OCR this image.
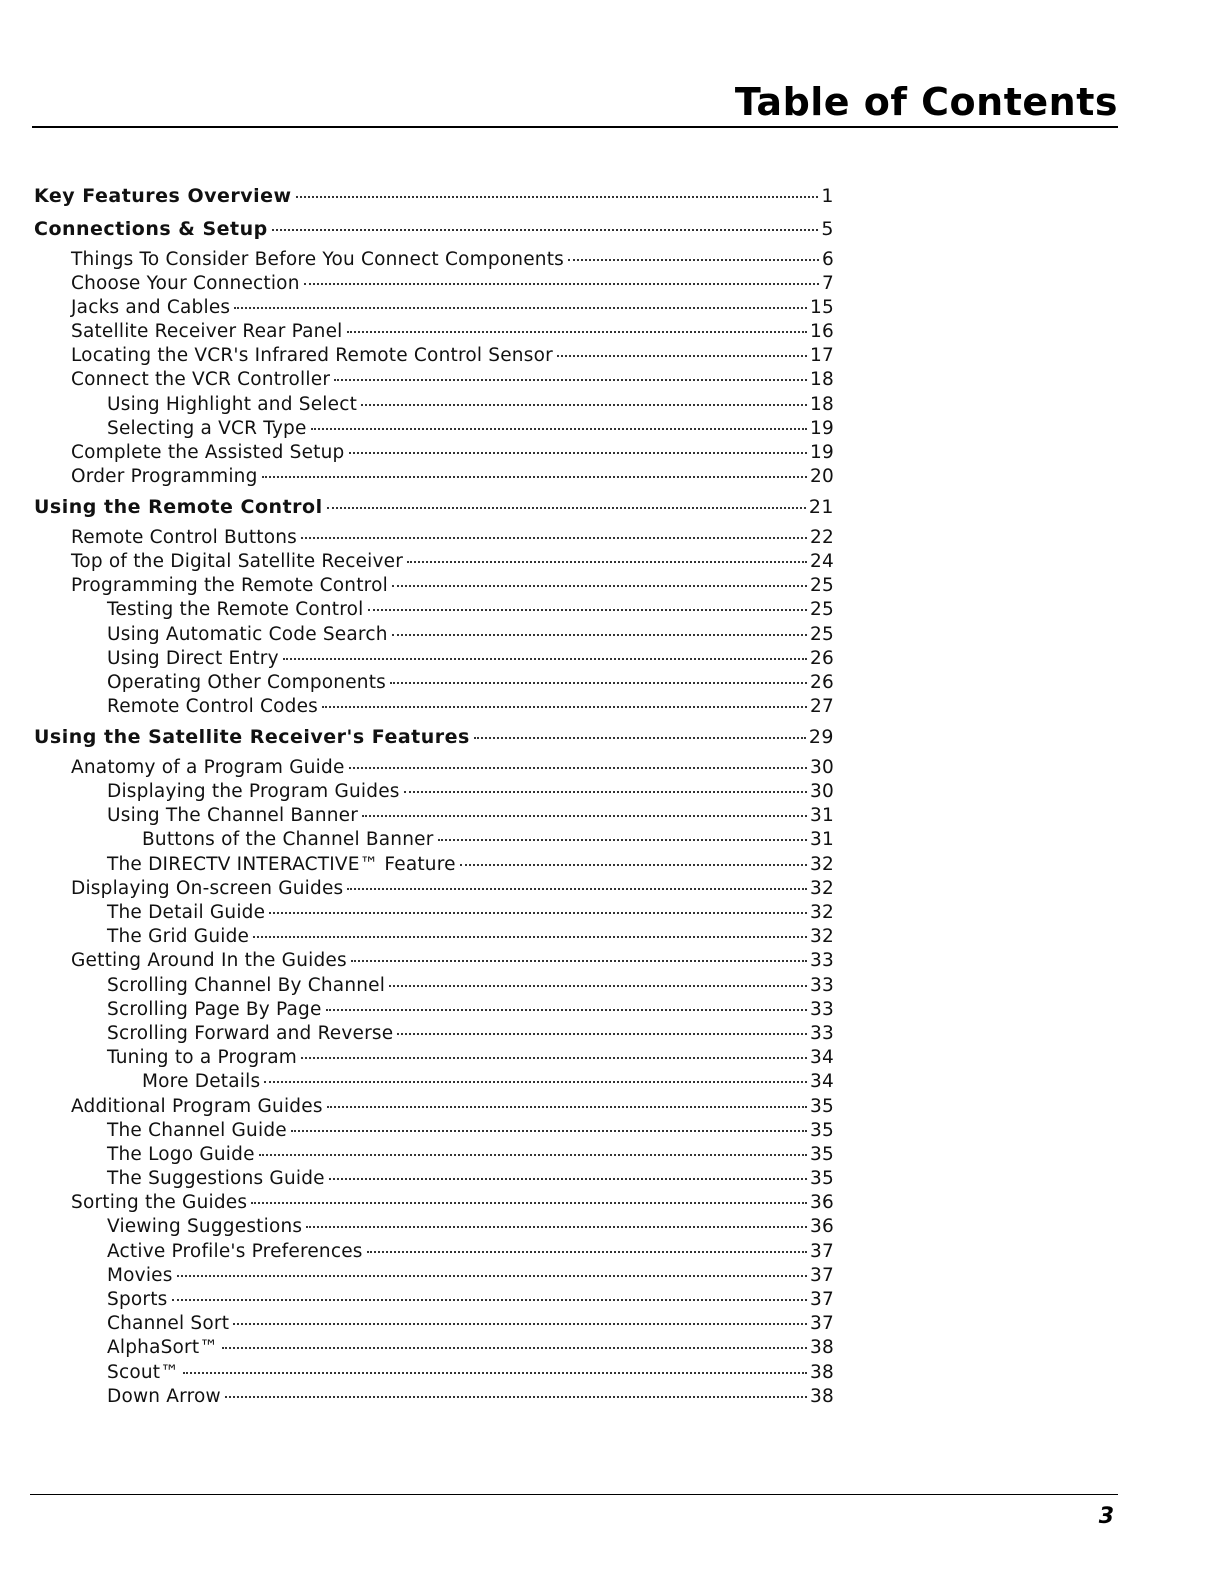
Table of Contents
Key Features Overview	1
Connections & Setup	5
Things To Consider Before You Connect Components	6
Choose Your Connection	7
Jacks and Cables	15
Satellite Receiver Rear Panel	16
Locating the VCR's Infrared Remote Control Sensor	17
Connect the VCR Controller	18
Using Highlight and Select	18
Selecting a VCR Type	19
Complete the Assisted Setup	19
Order Programming	20
Using the Remote Control	21
Remote Control Buttons	22
Top of the Digital Satellite Receiver	24
Programming the Remote Control	25
Testing the Remote Control	25
Using Automatic Code Search	25
Using Direct Entry	26
Operating Other Components	26
Remote Control Codes	27
Using the Satellite Receiver's Features	29
Anatomy of a Program Guide	30
Displaying the Program Guides	30
Using The Channel Banner	31
Buttons of the Channel Banner	31
The DIRECTV INTERACTIVE™ Feature	32
Displaying On-screen Guides	32
The Detail Guide	32
The Grid Guide	32
Getting Around In the Guides	33
Scrolling Channel By Channel	33
Scrolling Page By Page	33
Scrolling Forward and Reverse	33
Tuning to a Program	34
More Details	34
Additional Program Guides	35
The Channel Guide	35
The Logo Guide	35
The Suggestions Guide	35
Sorting the Guides	36
Viewing Suggestions	36
Active Profile's Preferences	37
Movies	37
Sports	37
Channel Sort	37
AlphaSort™	38
Scout™	38
Down Arrow	38
3
